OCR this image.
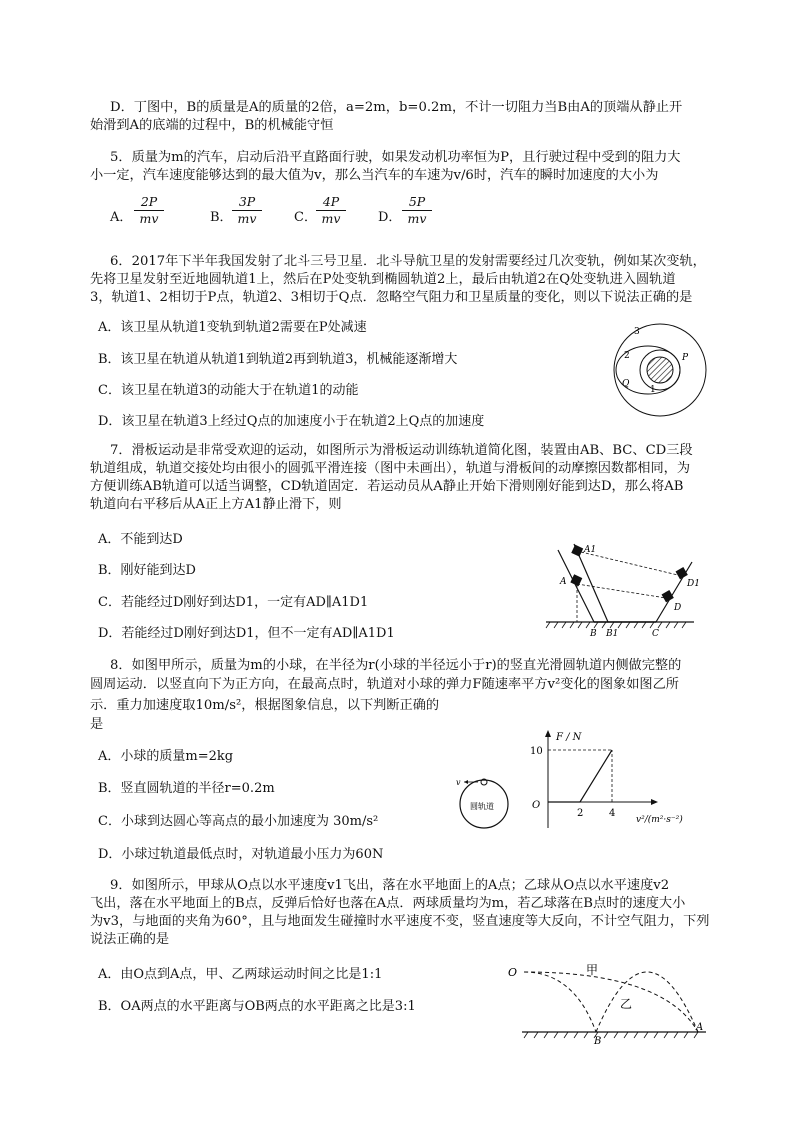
D．丁图中，B的质量是A的质量的2倍，a=2m，b=0.2m，不计一切阻力当B由A的顶端从静止开
始滑到A的底端的过程中，B的机械能守恒
5．质量为m的汽车，启动后沿平直路面行驶，如果发动机功率恒为P，且行驶过程中受到的阻力大
小一定，汽车速度能够达到的最大值为v，那么当汽车的车速为v/6时，汽车的瞬时加速度的大小为
A． $\frac{2P}{mv}$	B． $\frac{3P}{mv}$ C． $\frac{4P}{mv}$ D． $\frac{5P}{mv}$
6．2017年下半年我国发射了北斗三号卫星．北斗导航卫星的发射需要经过几次变轨，例如某次变轨，
先将卫星发射至近地圆轨道1上，然后在P处变轨到椭圆轨道2上，最后由轨道2在Q处变轨进入圆轨道
3，轨道1、2相切于P点，轨道2、3相切于Q点．忽略空气阻力和卫星质量的变化，则以下说法正确的是
A．该卫星从轨道1变轨到轨道2需要在P处减速
B．该卫星在轨道从轨道1到轨道2再到轨道3，机械能逐渐增大
C．该卫星在轨道3的动能大于在轨道1的动能
D．该卫星在轨道3上经过Q点的加速度小于在轨道2上Q点的加速度
3
2
1
P
Q
7．滑板运动是非常受欢迎的运动，如图所示为滑板运动训练轨道简化图，装置由AB、BC、CD三段
轨道组成，轨道交接处均由很小的圆弧平滑连接（图中未画出），轨道与滑板间的动摩擦因数都相同，为
方便训练AB轨道可以适当调整，CD轨道固定．若运动员从A静止开始下滑则刚好能到达D，那么将AB
轨道向右平移后从A正上方A1静止滑下，则
A．不能到达D
B．刚好能到达D
C．若能经过D刚好到达D1，一定有AD∥A1D1
D．若能经过D刚好到达D1，但不一定有AD∥A1D1
A1
A	D1
D
B B1	C
8．如图甲所示，质量为m的小球，在半径为r(小球的半径远小于r)的竖直光滑圆轨道内侧做完整的
圆周运动．以竖直向下为正方向，在最高点时，轨道对小球的弹力F随速率平方v²变化的图象如图乙所
示．重力加速度取10m/s²，根据图象信息，以下判断正确的
是
A．小球的质量m=2kg
B．竖直圆轨道的半径r=0.2m
C．小球到达圆心等高点的最小加速度为 30m/s²
D．小球过轨道最低点时，对轨道最小压力为60N
v
圆轨道
F / N
O
10
2	4
v²/(m²·s⁻²)
9．如图所示，甲球从O点以水平速度v1飞出，落在水平地面上的A点；乙球从O点以水平速度v2
飞出，落在水平地面上的B点，反弹后恰好也落在A点．两球质量均为m，若乙球落在B点时的速度大小
为v3，与地面的夹角为60°，且与地面发生碰撞时水平速度不变，竖直速度等大反向，不计空气阻力，下列
说法正确的是
A．由O点到A点，甲、乙两球运动时间之比是1:1
B．OA两点的水平距离与OB两点的水平距离之比是3:1
O	甲
乙
B
A
